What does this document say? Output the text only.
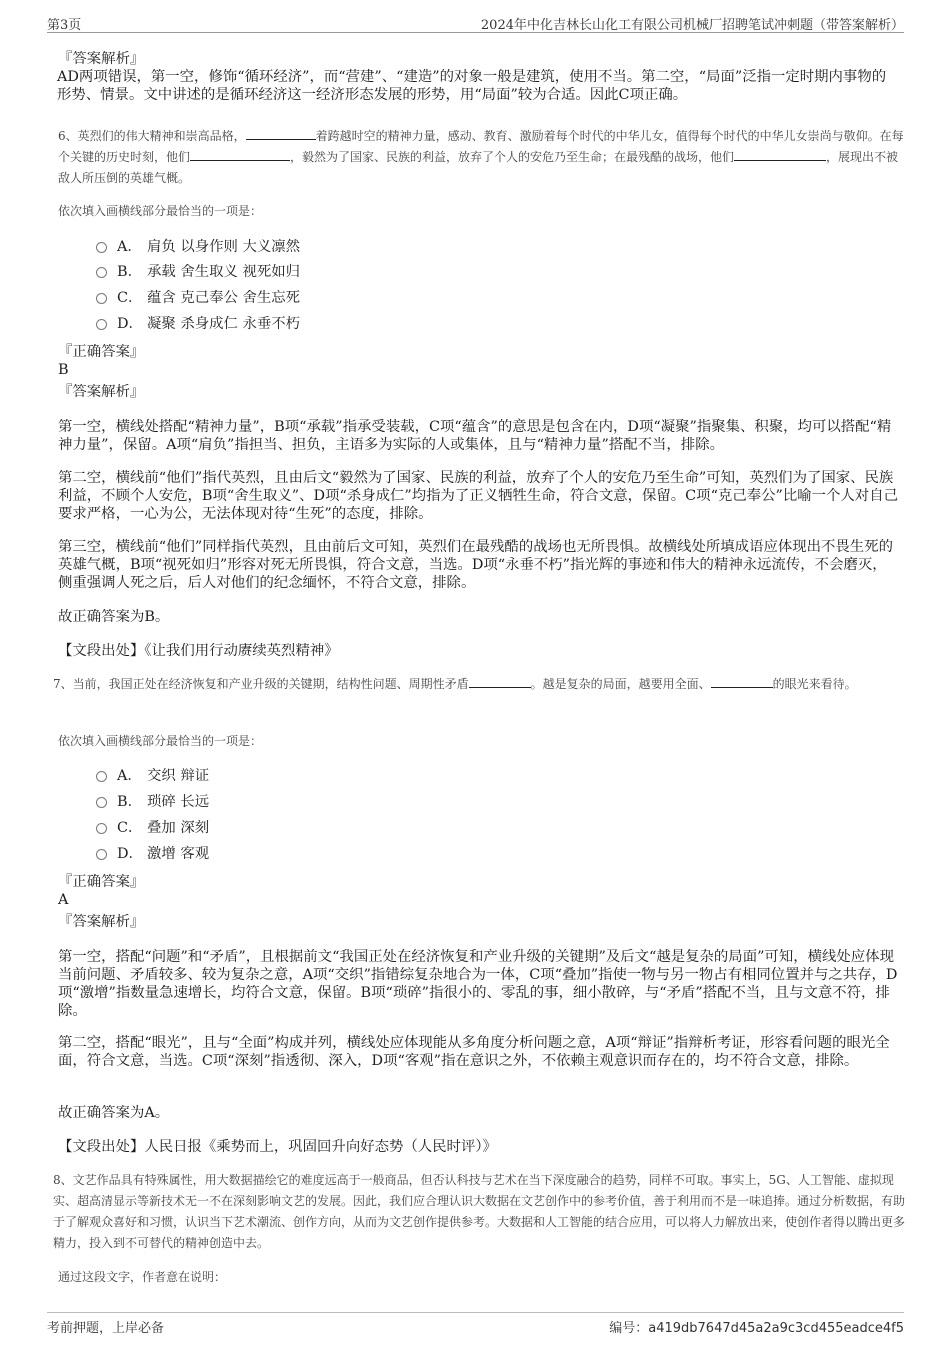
第3页	2024年中化吉林长山化工有限公司机械厂招聘笔试冲刺题（带答案解析）
『答案解析』

AD两项错误，第一空，修饰“循环经济”，而“营建”、“建造”的对象一般是建筑，使用不当。第二空，“局面”泛指一定时期内事物的形势、情景。文中讲述的是循环经济这一经济形态发展的形势，用“局面”较为合适。因此C项正确。

6、英烈们的伟大精神和崇高品格，	着跨越时空的精神力量，感动、教育、激励着每个时代的中华儿女，值得每个时代的中华儿女崇尚与敬仰。在每个关键的历史时刻，他们	，毅然为了国家、民族的利益，放弃了个人的安危乃至生命；在最残酷的战场，他们	，展现出不被敌人所压倒的英雄气概。

依次填入画横线部分最恰当的一项是：
A． 肩负 以身作则 大义凛然
B． 承载 舍生取义 视死如归
C． 蕴含 克己奉公 舍生忘死
D． 凝聚 杀身成仁 永垂不朽
『正确答案』
B
『答案解析』

第一空，横线处搭配“精神力量”，B项“承载”指承受装载，C项“蕴含”的意思是包含在内，D项“凝聚”指聚集、积聚，均可以搭配“精神力量”，保留。A项“肩负”指担当、担负，主语多为实际的人或集体，且与“精神力量”搭配不当，排除。

第二空，横线前“他们”指代英烈，且由后文“毅然为了国家、民族的利益，放弃了个人的安危乃至生命”可知，英烈们为了国家、民族利益，不顾个人安危，B项“舍生取义”、D项“杀身成仁”均指为了正义牺牲生命，符合文意，保留。C项“克己奉公”比喻一个人对自己要求严格，一心为公，无法体现对待“生死”的态度，排除。

第三空，横线前“他们”同样指代英烈，且由前后文可知，英烈们在最残酷的战场也无所畏惧。故横线处所填成语应体现出不畏生死的英雄气概，B项“视死如归”形容对死无所畏惧，符合文意，当选。D项“永垂不朽”指光辉的事迹和伟大的精神永远流传，不会磨灭，侧重强调人死之后，后人对他们的纪念缅怀，不符合文意，排除。

故正确答案为B。

【文段出处】《让我们用行动赓续英烈精神》

7、当前，我国正处在经济恢复和产业升级的关键期，结构性问题、周期性矛盾	。越是复杂的局面，越要用全面、	的眼光来看待。

依次填入画横线部分最恰当的一项是：
A． 交织 辩证
B． 琐碎 长远
C． 叠加 深刻
D． 激增 客观
『正确答案』
A
『答案解析』

第一空，搭配“问题”和“矛盾”，且根据前文“我国正处在经济恢复和产业升级的关键期”及后文“越是复杂的局面”可知，横线处应体现当前问题、矛盾较多、较为复杂之意，A项“交织”指错综复杂地合为一体，C项“叠加”指使一物与另一物占有相同位置并与之共存，D项“激增”指数量急速增长，均符合文意，保留。B项“琐碎”指很小的、零乱的事，细小散碎，与“矛盾”搭配不当，且与文意不符，排除。

第二空，搭配“眼光”，且与“全面”构成并列，横线处应体现能从多角度分析问题之意，A项“辩证”指辩析考证，形容看问题的眼光全面，符合文意，当选。C项“深刻”指透彻、深入，D项“客观”指在意识之外，不依赖主观意识而存在的，均不符合文意，排除。

故正确答案为A。

【文段出处】人民日报《乘势而上，巩固回升向好态势（人民时评）》

8、文艺作品具有特殊属性，用大数据描绘它的难度远高于一般商品，但否认科技与艺术在当下深度融合的趋势，同样不可取。事实上，5G、人工智能、虚拟现实、超高清显示等新技术无一不在深刻影响文艺的发展。因此，我们应合理认识大数据在文艺创作中的参考价值，善于利用而不是一味追捧。通过分析数据，有助于了解观众喜好和习惯，认识当下艺术潮流、创作方向，从而为文艺创作提供参考。大数据和人工智能的结合应用，可以将人力解放出来，使创作者得以腾出更多精力，投入到不可替代的精神创造中去。

通过这段文字，作者意在说明：
考前押题，上岸必备	编号：a419db7647d45a2a9c3cd455eadce4f5
